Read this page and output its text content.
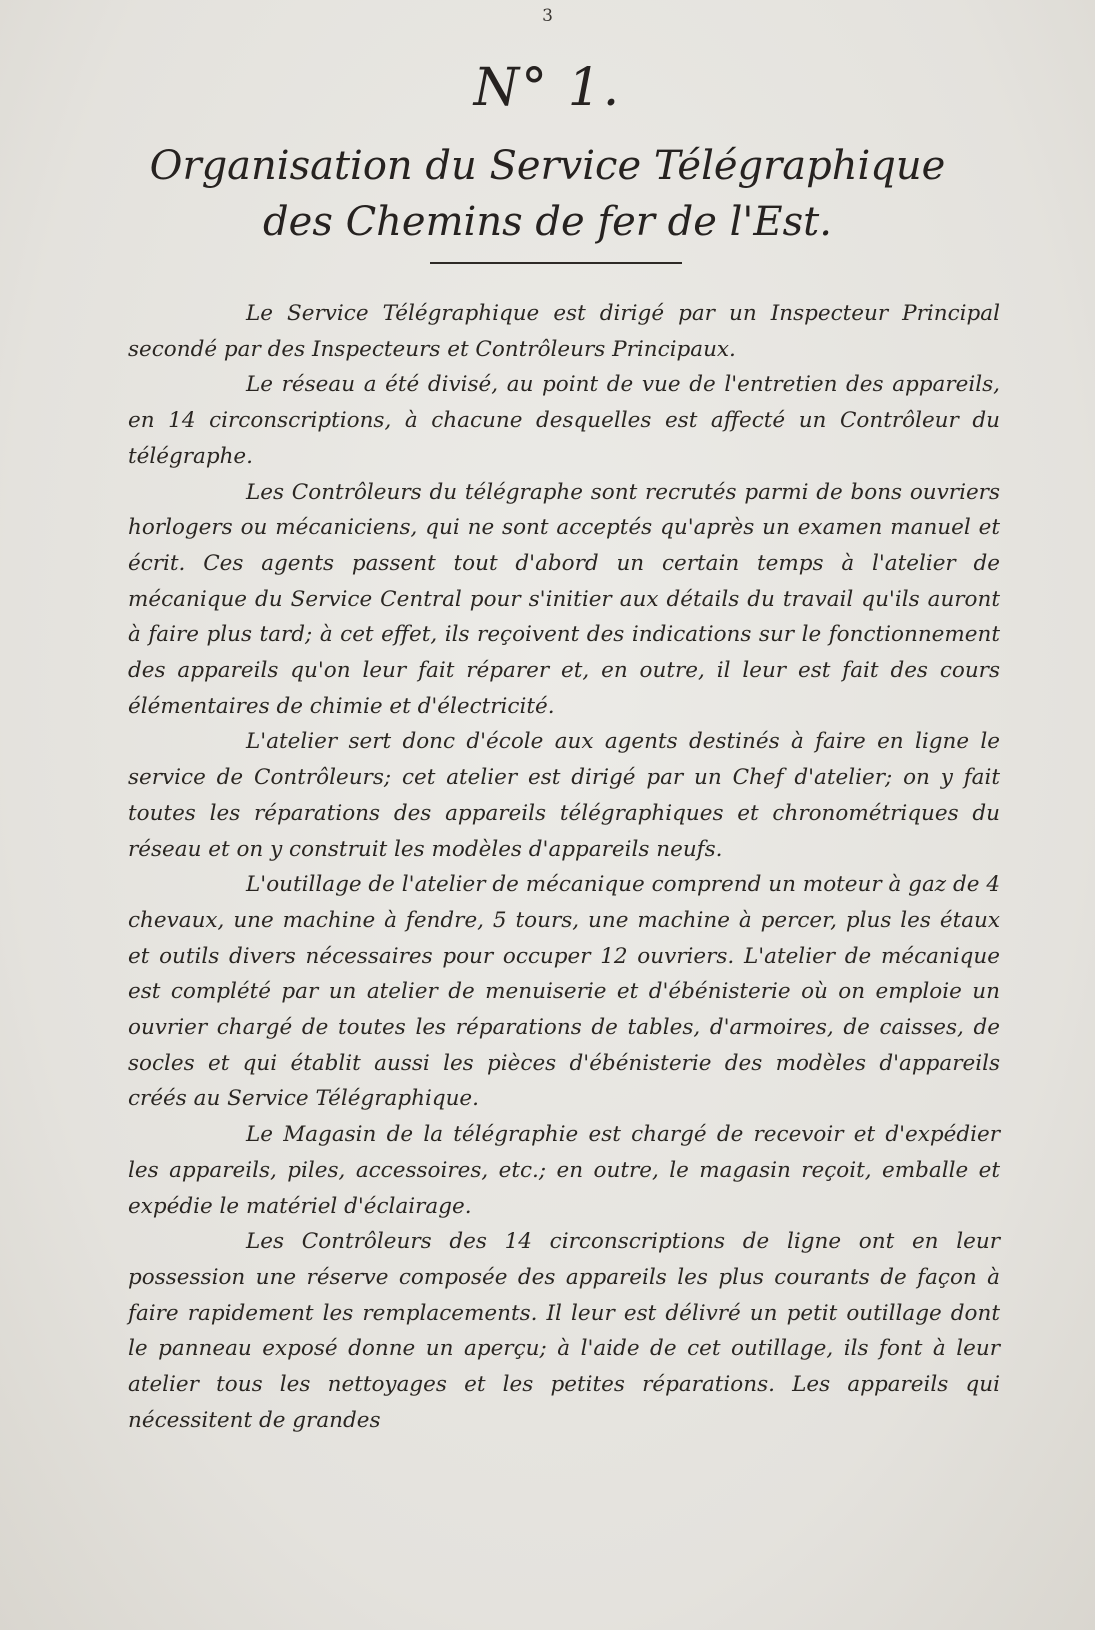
3
N° 1.
Organisation du Service Télégraphique
des Chemins de fer de l'Est.

Le Service Télégraphique est dirigé par un Inspecteur Principal secondé par des Inspecteurs et Contrôleurs Principaux.

Le réseau a été divisé, au point de vue de l'entretien des appareils, en 14 circonscriptions, à chacune desquelles est affecté un Contrôleur du télégraphe.

Les Contrôleurs du télégraphe sont recrutés parmi de bons ouvriers horlogers ou mécaniciens, qui ne sont acceptés qu'après un examen manuel et écrit. Ces agents passent tout d'abord un certain temps à l'atelier de mécanique du Service Central pour s'initier aux détails du travail qu'ils auront à faire plus tard; à cet effet, ils reçoivent des indications sur le fonctionnement des appareils qu'on leur fait réparer et, en outre, il leur est fait des cours élémentaires de chimie et d'électricité.

L'atelier sert donc d'école aux agents destinés à faire en ligne le service de Contrôleurs; cet atelier est dirigé par un Chef d'atelier; on y fait toutes les réparations des appareils télégraphiques et chronométriques du réseau et on y construit les modèles d'appareils neufs.

L'outillage de l'atelier de mécanique comprend un moteur à gaz de 4 chevaux, une machine à fendre, 5 tours, une machine à percer, plus les étaux et outils divers nécessaires pour occuper 12 ouvriers. L'atelier de mécanique est complété par un atelier de menuiserie et d'ébénisterie où on emploie un ouvrier chargé de toutes les réparations de tables, d'armoires, de caisses, de socles et qui établit aussi les pièces d'ébénisterie des modèles d'appareils créés au Service Télégraphique.

Le Magasin de la télégraphie est chargé de recevoir et d'expédier les appareils, piles, accessoires, etc.; en outre, le magasin reçoit, emballe et expédie le matériel d'éclairage.

Les Contrôleurs des 14 circonscriptions de ligne ont en leur possession une réserve composée des appareils les plus courants de façon à faire rapidement les remplacements. Il leur est délivré un petit outillage dont le panneau exposé donne un aperçu; à l'aide de cet outillage, ils font à leur atelier tous les nettoyages et les petites réparations. Les appareils qui nécessitent de grandes
